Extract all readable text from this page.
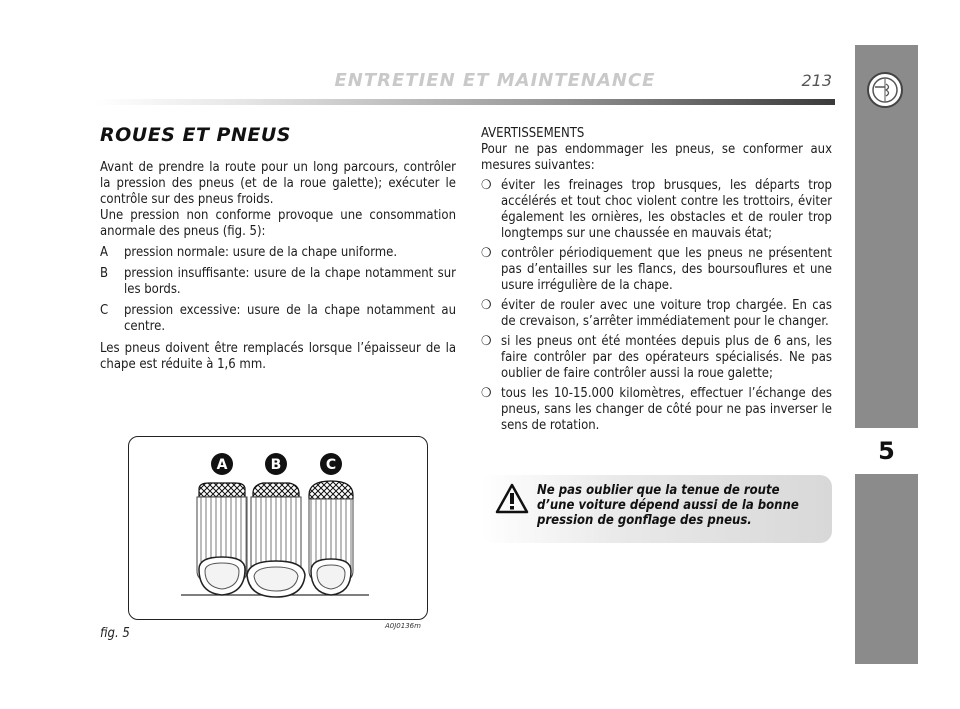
ENTRETIEN ET MAINTENANCE	213
5
ROUES ET PNEUS

Avant de prendre la route pour un long parcours, contrôler la pression des pneus (et de la roue galette); exécuter le contrôle sur des pneus froids.

Une pression non conforme provoque une consommation anormale des pneus (fig. 5):

A	pression normale: usure de la chape uniforme.
B	pression insuffisante: usure de la chape notamment sur les bords.
C	pression excessive: usure de la chape notamment au centre.

Les pneus doivent être remplacés lorsque l’épaisseur de la chape est réduite à 1,6 mm.

AVERTISSEMENTS

Pour ne pas endommager les pneus, se conformer aux mesures suivantes:

❍ éviter les freinages trop brusques, les départs trop accélérés et tout choc violent contre les trottoirs, éviter également les ornières, les obstacles et de rouler trop longtemps sur une chaussée en mauvais état;
❍ contrôler périodiquement que les pneus ne présentent pas d’entailles sur les flancs, des boursouflures et une usure irrégulière de la chape.
❍ éviter de rouler avec une voiture trop chargée. En cas de crevaison, s’arrêter immédiatement pour le changer.
❍ si les pneus ont été montées depuis plus de 6 ans, les faire contrôler par des opérateurs spécialisés. Ne pas oublier de faire contrôler aussi la roue galette;
❍ tous les 10-15.000 kilomètres, effectuer l’échange des pneus, sans les changer de côté pour ne pas inverser le sens de rotation.
Ne pas oublier que la tenue de route d’une voiture dépend aussi de la bonne pression de gonflage des pneus.
A	B	C
A0J0136m
fig. 5
